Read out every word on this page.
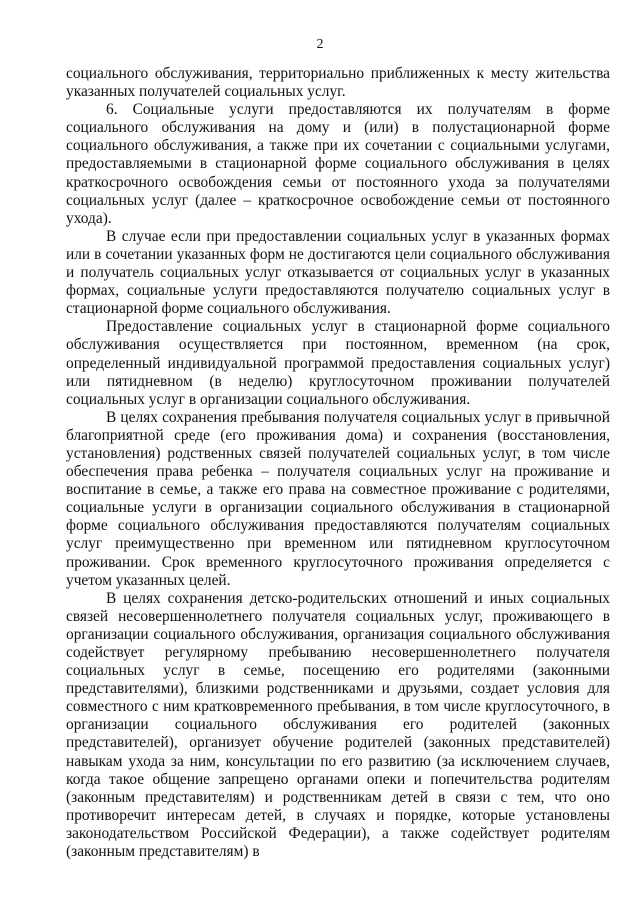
2

социального обслуживания, территориально приближенных к месту жительства указанных получателей социальных услуг.

6. Социальные услуги предоставляются их получателям в форме социального обслуживания на дому и (или) в полустационарной форме социального обслуживания, а также при их сочетании с социальными услугами, предоставляемыми в стационарной форме социального обслуживания в целях краткосрочного освобождения семьи от постоянного ухода за получателями социальных услуг (далее – краткосрочное освобождение семьи от постоянного ухода).

В случае если при предоставлении социальных услуг в указанных формах или в сочетании указанных форм не достигаются цели социального обслуживания и получатель социальных услуг отказывается от социальных услуг в указанных формах, социальные услуги предоставляются получателю социальных услуг в стационарной форме социального обслуживания.

Предоставление социальных услуг в стационарной форме социального обслуживания осуществляется при постоянном, временном (на срок, определенный индивидуальной программой предоставления социальных услуг) или пятидневном (в неделю) круглосуточном проживании получателей социальных услуг в организации социального обслуживания.

В целях сохранения пребывания получателя социальных услуг в привычной благоприятной среде (его проживания дома) и сохранения (восстановления, установления) родственных связей получателей социальных услуг, в том числе обеспечения права ребенка – получателя социальных услуг на проживание и воспитание в семье, а также его права на совместное проживание с родителями, социальные услуги в организации социального обслуживания в стационарной форме социального обслуживания предоставляются получателям социальных услуг преимущественно при временном или пятидневном круглосуточном проживании. Срок временного круглосуточного проживания определяется с учетом указанных целей.

В целях сохранения детско-родительских отношений и иных социальных связей несовершеннолетнего получателя социальных услуг, проживающего в организации социального обслуживания, организация социального обслуживания содействует регулярному пребыванию несовершеннолетнего получателя социальных услуг в семье, посещению его родителями (законными представителями), близкими родственниками и друзьями, создает условия для совместного с ним кратковременного пребывания, в том числе круглосуточного, в организации социального обслуживания его родителей (законных представителей), организует обучение родителей (законных представителей) навыкам ухода за ним, консультации по его развитию (за исключением случаев, когда такое общение запрещено органами опеки и попечительства родителям (законным представителям) и родственникам детей в связи с тем, что оно противоречит интересам детей, в случаях и порядке, которые установлены законодательством Российской Федерации), а также содействует родителям (законным представителям) в
